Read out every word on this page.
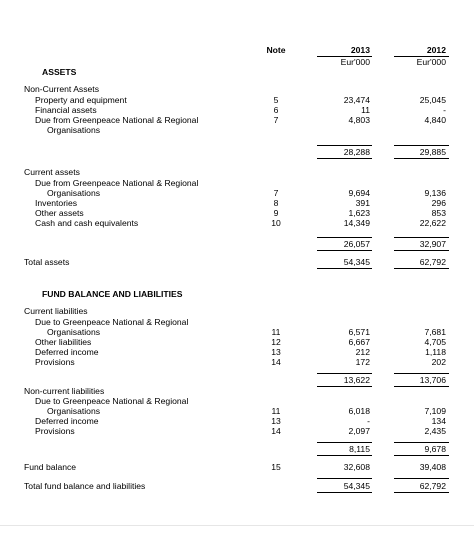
Note	2013	2012
Eur'000	Eur'000
ASSETS
Non-Current Assets
Property and equipment	5	23,474	25,045
Financial assets	6	11	-
Due from Greenpeace National & Regional
Organisations
7	4,803	4,840
28,288	29,885
Current assets
Due from Greenpeace National & Regional
Organisations	7	9,694	9,136
Inventories	8	391	296
Other assets	9	1,623	853
Cash and cash equivalents	10	14,349	22,622
26,057	32,907
Total assets	54,345	62,792
FUND BALANCE AND LIABILITIES
Current liabilities
Due to Greenpeace National & Regional
Organisations	11	6,571	7,681
Other liabilities	12	6,667	4,705
Deferred income	13	212	1,118
Provisions	14	172	202
13,622	13,706
Non-current liabilities
Due to Greenpeace National & Regional
Organisations	11	6,018	7,109
Deferred income	13	-	134
Provisions	14	2,097	2,435
8,115	9,678
Fund balance	15	32,608	39,408
Total fund balance and liabilities	54,345	62,792
